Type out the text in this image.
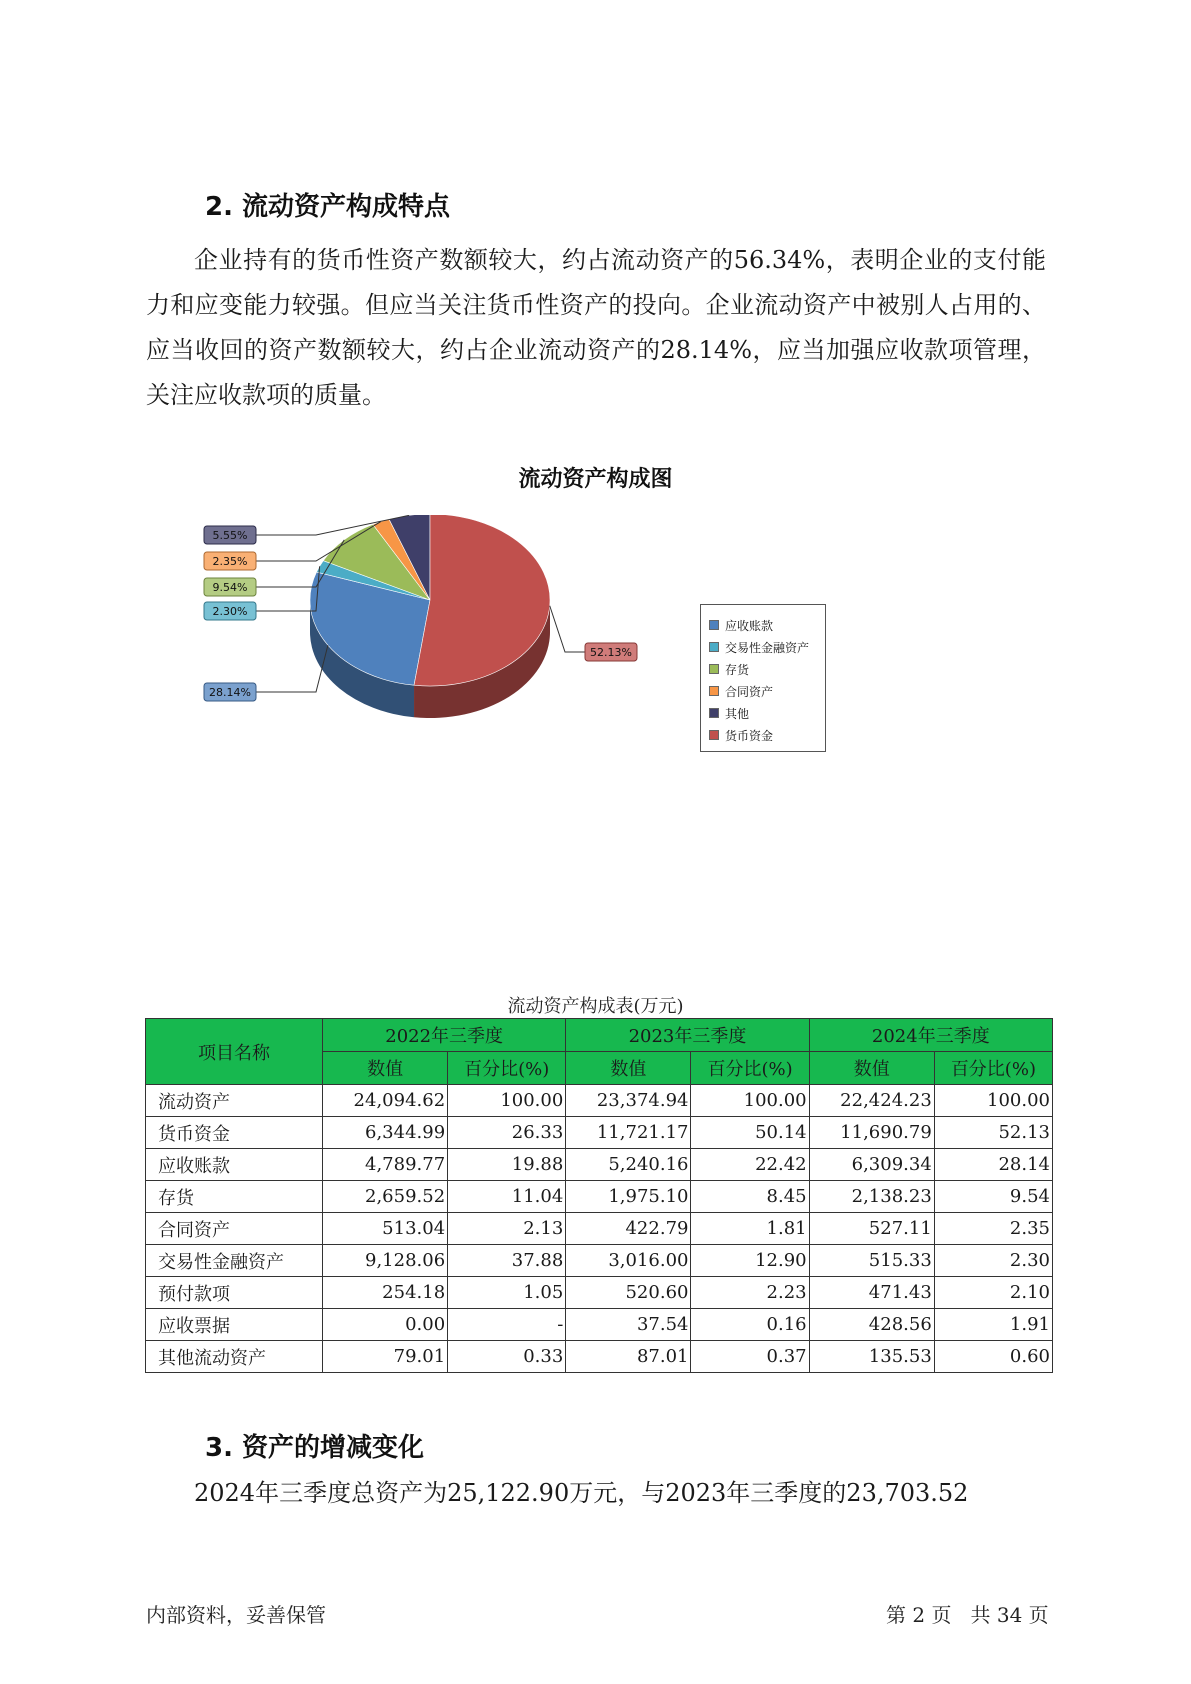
2. 流动资产构成特点
企业持有的货币性资产数额较大，约占流动资产的56.34%，表明企业的支付能力和应变能力较强。但应当关注货币性资产的投向。企业流动资产中被别人占用的、应当收回的资产数额较大，约占企业流动资产的28.14%，应当加强应收款项管理，关注应收款项的质量。
流动资产构成图
28.14%
2.30%
9.54%
2.35%
5.55%
52.13%
应收账款
交易性金融资产
存货
合同资产
其他
货币资金
流动资产构成表(万元)
项目名称	2022年三季度		2023年三季度		2024年三季度	
	数值	百分比(%)	数值	百分比(%)	数值	百分比(%)
流动资产	24,094.62	100.00	23,374.94	100.00	22,424.23	100.00
货币资金	6,344.99	26.33	11,721.17	50.14	11,690.79	52.13
应收账款	4,789.77	19.88	5,240.16	22.42	6,309.34	28.14
存货	2,659.52	11.04	1,975.10	8.45	2,138.23	9.54
合同资产	513.04	2.13	422.79	1.81	527.11	2.35
交易性金融资产	9,128.06	37.88	3,016.00	12.90	515.33	2.30
预付款项	254.18	1.05	520.60	2.23	471.43	2.10
应收票据	0.00	-	37.54	0.16	428.56	1.91
其他流动资产	79.01	0.33	87.01	0.37	135.53	0.60
3. 资产的增减变化
2024年三季度总资产为25,122.90万元，与2023年三季度的23,703.52
内部资料，妥善保管	第 2 页   共 34 页
